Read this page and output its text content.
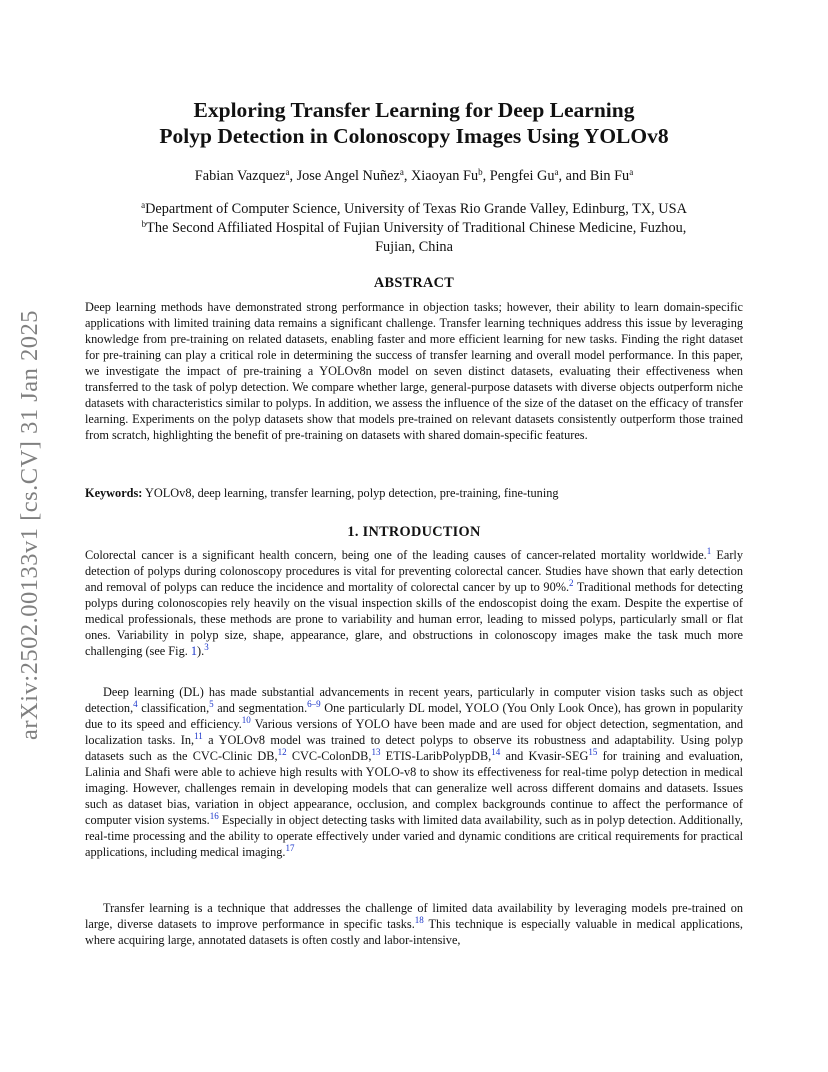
arXiv:2502.00133v1 [cs.CV] 31 Jan 2025
Exploring Transfer Learning for Deep Learning
Polyp Detection in Colonoscopy Images Using YOLOv8
Fabian Vazquez$^a$, Jose Angel Nuñez$^a$, Xiaoyan Fu$^b$, Pengfei Gu$^a$, and Bin Fu$^a$
$^a$Department of Computer Science, University of Texas Rio Grande Valley, Edinburg, TX, USA
$^b$The Second Affiliated Hospital of Fujian University of Traditional Chinese Medicine, Fuzhou,
Fujian, China
ABSTRACT
Deep learning methods have demonstrated strong performance in objection tasks; however, their ability to learn domain-specific applications with limited training data remains a significant challenge. Transfer learning techniques address this issue by leveraging knowledge from pre-training on related datasets, enabling faster and more efficient learning for new tasks. Finding the right dataset for pre-training can play a critical role in determining the success of transfer learning and overall model performance. In this paper, we investigate the impact of pre-training a YOLOv8n model on seven distinct datasets, evaluating their effectiveness when transferred to the task of polyp detection. We compare whether large, general-purpose datasets with diverse objects outperform niche datasets with characteristics similar to polyps. In addition, we assess the influence of the size of the dataset on the efficacy of transfer learning. Experiments on the polyp datasets show that models pre-trained on relevant datasets consistently outperform those trained from scratch, highlighting the benefit of pre-training on datasets with shared domain-specific features.
Keywords: YOLOv8, deep learning, transfer learning, polyp detection, pre-training, fine-tuning
1. INTRODUCTION
Colorectal cancer is a significant health concern, being one of the leading causes of cancer-related mortality worldwide.$^1$ Early detection of polyps during colonoscopy procedures is vital for preventing colorectal cancer. Studies have shown that early detection and removal of polyps can reduce the incidence and mortality of colorectal cancer by up to 90%.$^2$ Traditional methods for detecting polyps during colonoscopies rely heavily on the visual inspection skills of the endoscopist doing the exam. Despite the expertise of medical professionals, these methods are prone to variability and human error, leading to missed polyps, particularly small or flat ones. Variability in polyp size, shape, appearance, glare, and obstructions in colonoscopy images make the task much more challenging (see Fig. 1).$^3$
Deep learning (DL) has made substantial advancements in recent years, particularly in computer vision tasks such as object detection,$^4$ classification,$^5$ and segmentation.$^{6-9}$ One particularly DL model, YOLO (You Only Look Once), has grown in popularity due to its speed and efficiency.$^{10}$ Various versions of YOLO have been made and are used for object detection, segmentation, and localization tasks. In,$^{11}$ a YOLOv8 model was trained to detect polyps to observe its robustness and adaptability. Using polyp datasets such as the CVC-Clinic DB,$^{12}$ CVC-ColonDB,$^{13}$ ETIS-LaribPolypDB,$^{14}$ and Kvasir-SEG$^{15}$ for training and evaluation, Lalinia and Shafi were able to achieve high results with YOLO-v8 to show its effectiveness for real-time polyp detection in medical imaging. However, challenges remain in developing models that can generalize well across different domains and datasets. Issues such as dataset bias, variation in object appearance, occlusion, and complex backgrounds continue to affect the performance of computer vision systems.$^{16}$ Especially in object detecting tasks with limited data availability, such as in polyp detection. Additionally, real-time processing and the ability to operate effectively under varied and dynamic conditions are critical requirements for practical applications, including medical imaging.$^{17}$
Transfer learning is a technique that addresses the challenge of limited data availability by leveraging models pre-trained on large, diverse datasets to improve performance in specific tasks.$^{18}$ This technique is especially valuable in medical applications, where acquiring large, annotated datasets is often costly and labor-intensive,
